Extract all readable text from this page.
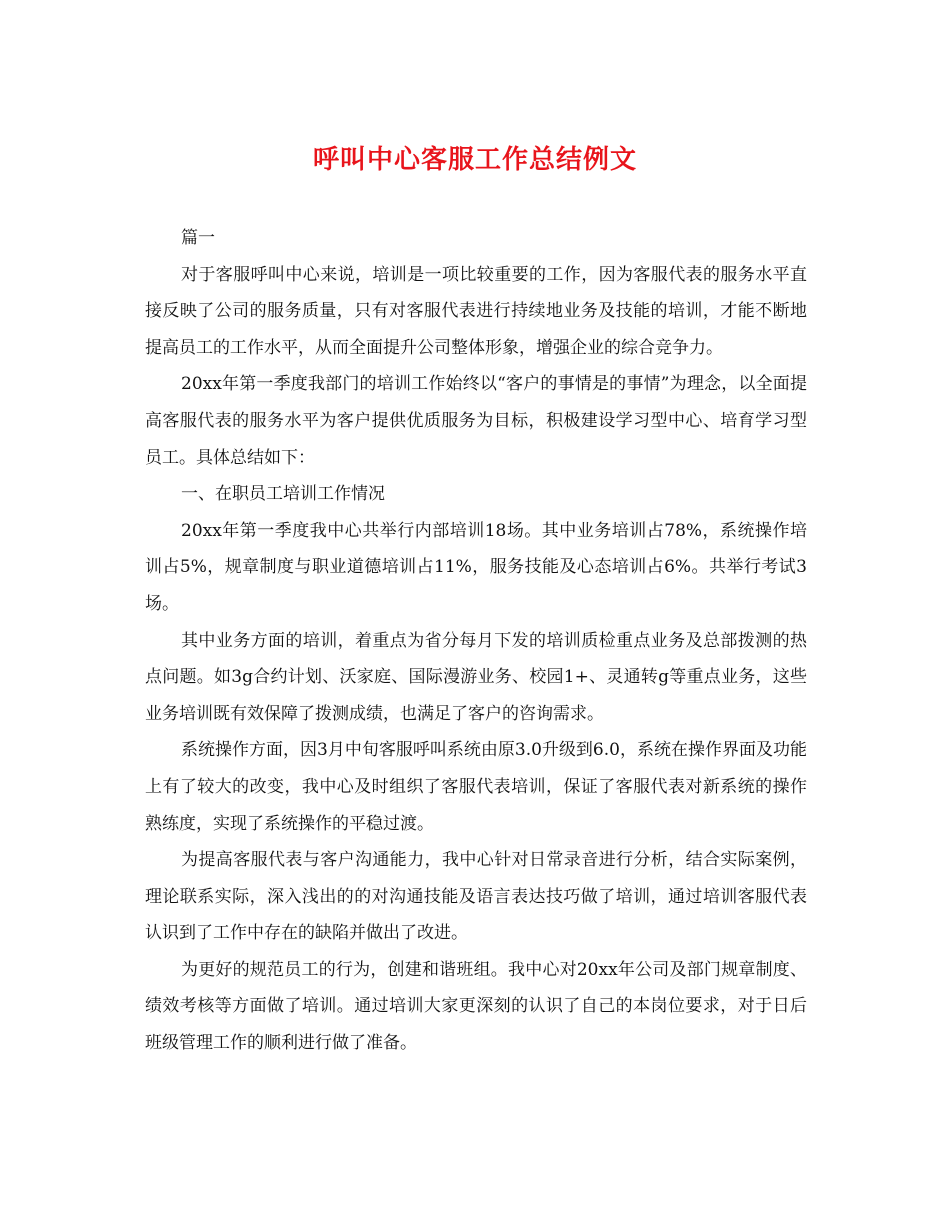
呼叫中心客服工作总结例文

篇一

对于客服呼叫中心来说，培训是一项比较重要的工作，因为客服代表的服务水平直接反映了公司的服务质量，只有对客服代表进行持续地业务及技能的培训，才能不断地提高员工的工作水平，从而全面提升公司整体形象，增强企业的综合竞争力。

20xx年第一季度我部门的培训工作始终以“客户的事情是的事情”为理念，以全面提高客服代表的服务水平为客户提供优质服务为目标，积极建设学习型中心、培育学习型员工。具体总结如下：

一、在职员工培训工作情况

20xx年第一季度我中心共举行内部培训18场。其中业务培训占78%，系统操作培训占5%，规章制度与职业道德培训占11%，服务技能及心态培训占6%。共举行考试3场。

其中业务方面的培训，着重点为省分每月下发的培训质检重点业务及总部拨测的热点问题。如3g合约计划、沃家庭、国际漫游业务、校园1+、灵通转g等重点业务，这些业务培训既有效保障了拨测成绩，也满足了客户的咨询需求。

系统操作方面，因3月中旬客服呼叫系统由原3.0升级到6.0，系统在操作界面及功能上有了较大的改变，我中心及时组织了客服代表培训，保证了客服代表对新系统的操作熟练度，实现了系统操作的平稳过渡。

为提高客服代表与客户沟通能力，我中心针对日常录音进行分析，结合实际案例，理论联系实际，深入浅出的的对沟通技能及语言表达技巧做了培训，通过培训客服代表认识到了工作中存在的缺陷并做出了改进。

为更好的规范员工的行为，创建和谐班组。我中心对20xx年公司及部门规章制度、绩效考核等方面做了培训。通过培训大家更深刻的认识了自己的本岗位要求，对于日后班级管理工作的顺利进行做了准备。
